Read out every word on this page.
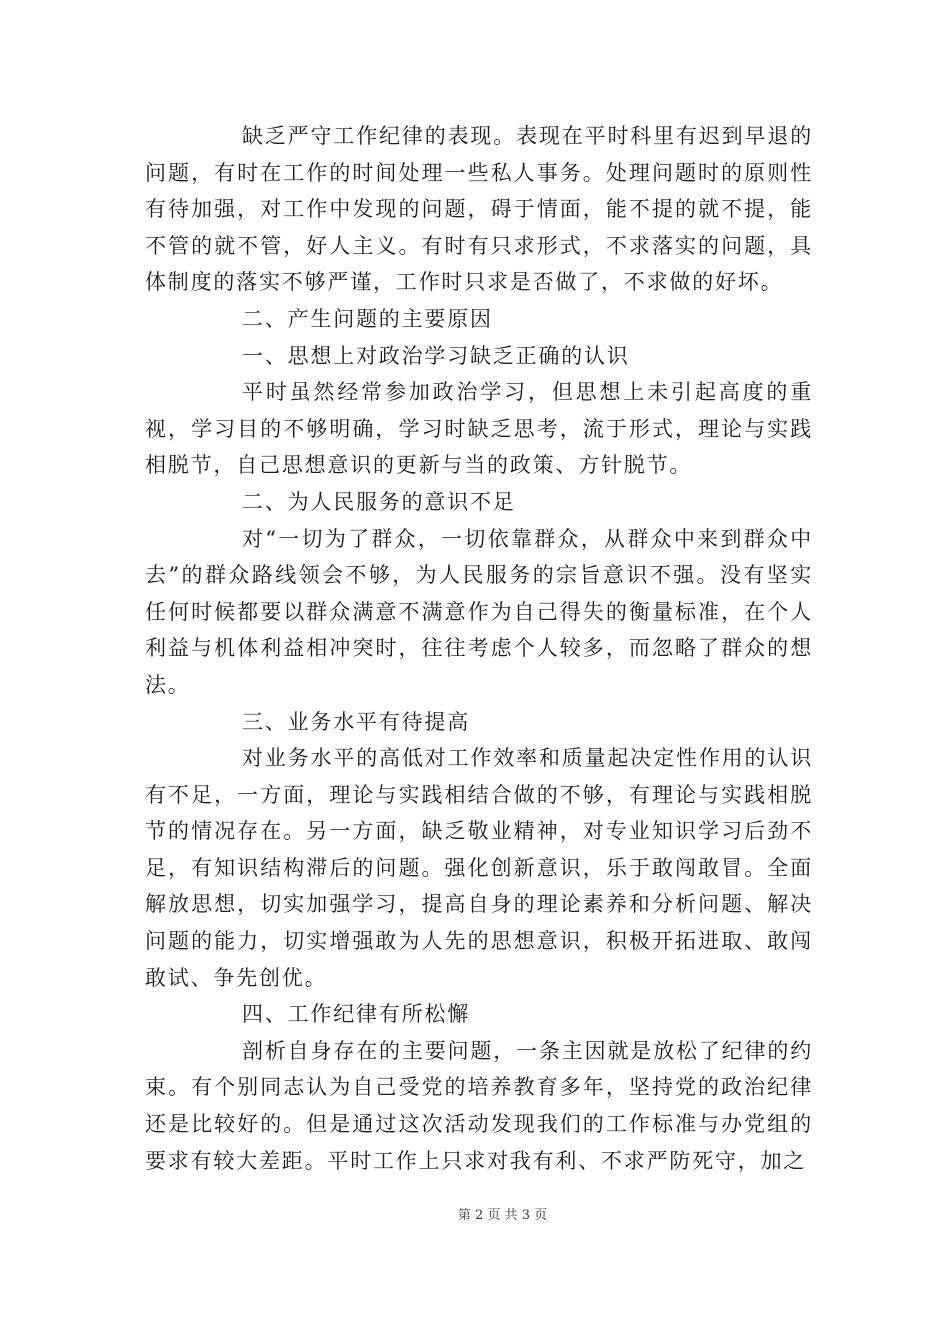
缺乏严守工作纪律的表现。表现在平时科里有迟到早退的问题，有时在工作的时间处理一些私人事务。处理问题时的原则性有待加强，对工作中发现的问题，碍于情面，能不提的就不提，能不管的就不管，好人主义。有时有只求形式，不求落实的问题，具体制度的落实不够严谨，工作时只求是否做了，不求做的好坏。

二、产生问题的主要原因

一、思想上对政治学习缺乏正确的认识

平时虽然经常参加政治学习，但思想上未引起高度的重视，学习目的不够明确，学习时缺乏思考，流于形式，理论与实践相脱节，自己思想意识的更新与当的政策、方针脱节。

二、为人民服务的意识不足

对“一切为了群众，一切依靠群众，从群众中来到群众中去”的群众路线领会不够，为人民服务的宗旨意识不强。没有坚实任何时候都要以群众满意不满意作为自己得失的衡量标准，在个人利益与机体利益相冲突时，往往考虑个人较多，而忽略了群众的想法。

三、业务水平有待提高

对业务水平的高低对工作效率和质量起决定性作用的认识有不足，一方面，理论与实践相结合做的不够，有理论与实践相脱节的情况存在。另一方面，缺乏敬业精神，对专业知识学习后劲不足，有知识结构滞后的问题。强化创新意识，乐于敢闯敢冒。全面解放思想，切实加强学习，提高自身的理论素养和分析问题、解决问题的能力，切实增强敢为人先的思想意识，积极开拓进取、敢闯敢试、争先创优。

四、工作纪律有所松懈

剖析自身存在的主要问题，一条主因就是放松了纪律的约束。有个别同志认为自己受党的培养教育多年，坚持党的政治纪律还是比较好的。但是通过这次活动发现我们的工作标准与办党组的要求有较大差距。平时工作上只求对我有利、不求严防死守，加之

第 2 页 共 3 页
